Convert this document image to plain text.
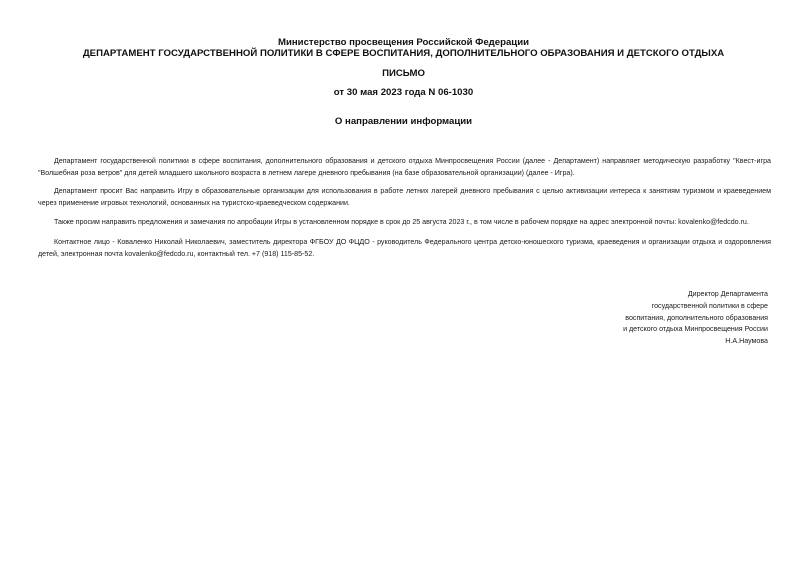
Министерство просвещения Российской Федерации
ДЕПАРТАМЕНТ ГОСУДАРСТВЕННОЙ ПОЛИТИКИ В СФЕРЕ ВОСПИТАНИЯ, ДОПОЛНИТЕЛЬНОГО ОБРАЗОВАНИЯ И ДЕТСКОГО ОТДЫХА
ПИСЬМО
от 30 мая 2023 года N 06-1030
О направлении информации
Департамент государственной политики в сфере воспитания, дополнительного образования и детского отдыха Минпросвещения России (далее - Департамент) направляет методическую разработку "Квест-игра "Волшебная роза ветров" для детей младшего школьного возраста в летнем лагере дневного пребывания (на базе образовательной организации) (далее - Игра).
Департамент просит Вас направить Игру в образовательные организации для использования в работе летних лагерей дневного пребывания с целью активизации интереса к занятиям туризмом и краеведением через применение игровых технологий, основанных на туристско-краеведческом содержании.
Также просим направить предложения и замечания по апробации Игры в установленном порядке в срок до 25 августа 2023 г., в том числе в рабочем порядке на адрес электронной почты: kovalenko@fedcdo.ru.
Контактное лицо - Коваленко Николай Николаевич, заместитель директора ФГБОУ ДО ФЦДО - руководитель Федерального центра детско-юношеского туризма, краеведения и организации отдыха и оздоровления детей, электронная почта kovalenko@fedcdo.ru, контактный тел. +7 (918) 115-85-52.
Директор Департамента
государственной политики в сфере
воспитания, дополнительного образования
и детского отдыха Минпросвещения России
Н.А.Наумова
